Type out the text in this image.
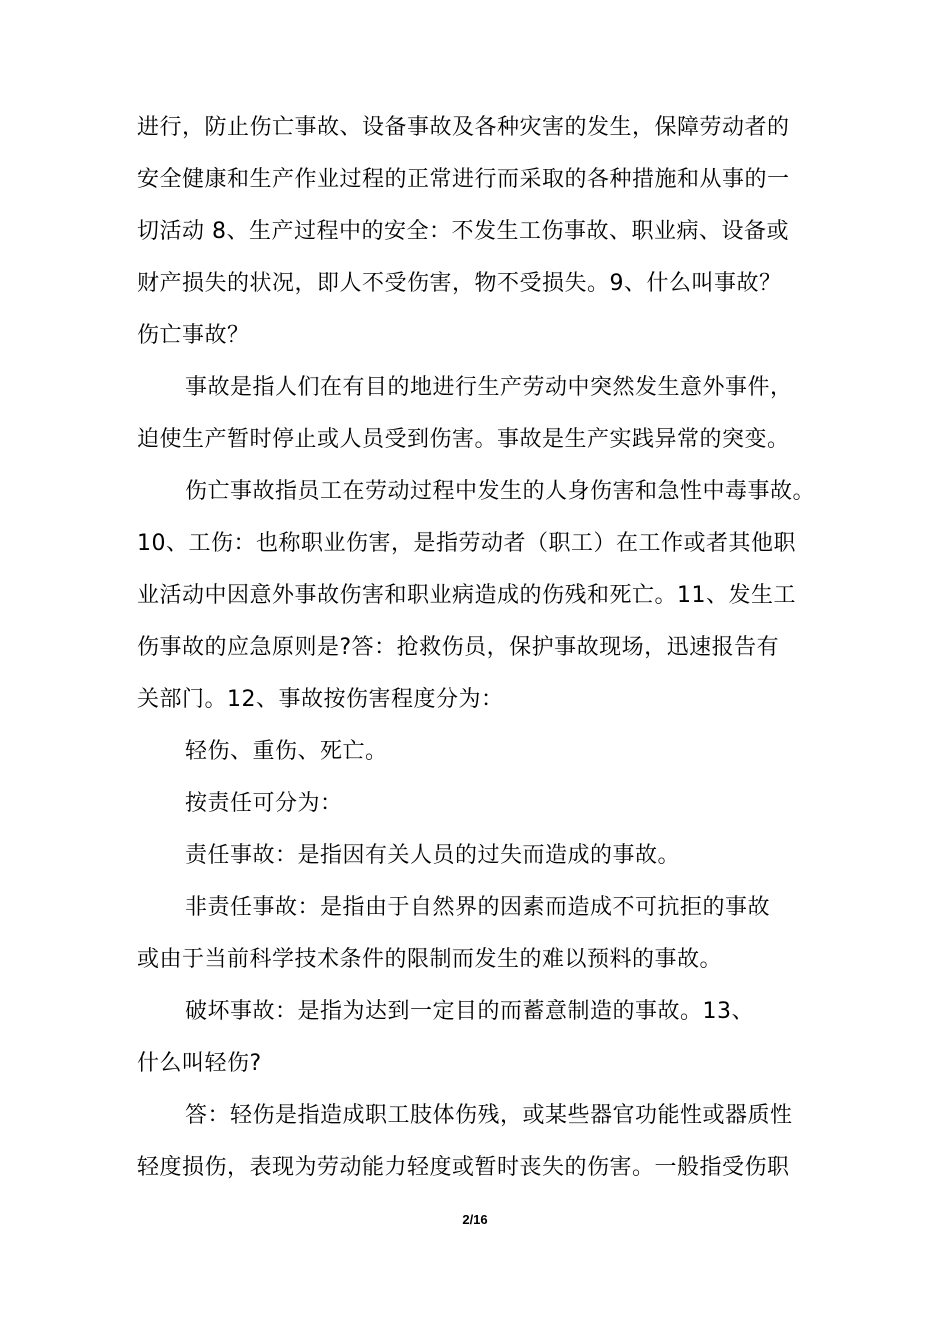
进行，防止伤亡事故、设备事故及各种灾害的发生，保障劳动者的
安全健康和生产作业过程的正常进行而采取的各种措施和从事的一
切活动 8、生产过程中的安全：不发生工伤事故、职业病、设备或
财产损失的状况，即人不受伤害，物不受损失。9、什么叫事故？
伤亡事故？
事故是指人们在有目的地进行生产劳动中突然发生意外事件，
迫使生产暂时停止或人员受到伤害。事故是生产实践异常的突变。
伤亡事故指员工在劳动过程中发生的人身伤害和急性中毒事故。
10、工伤：也称职业伤害，是指劳动者（职工）在工作或者其他职
业活动中因意外事故伤害和职业病造成的伤残和死亡。11、发生工
伤事故的应急原则是?答：抢救伤员，保护事故现场，迅速报告有
关部门。12、事故按伤害程度分为：
轻伤、重伤、死亡。
按责任可分为：
责任事故：是指因有关人员的过失而造成的事故。
非责任事故：是指由于自然界的因素而造成不可抗拒的事故
或由于当前科学技术条件的限制而发生的难以预料的事故。
破坏事故：是指为达到一定目的而蓄意制造的事故。13、
什么叫轻伤?
答：轻伤是指造成职工肢体伤残，或某些器官功能性或器质性
轻度损伤，表现为劳动能力轻度或暂时丧失的伤害。一般指受伤职
2/16
